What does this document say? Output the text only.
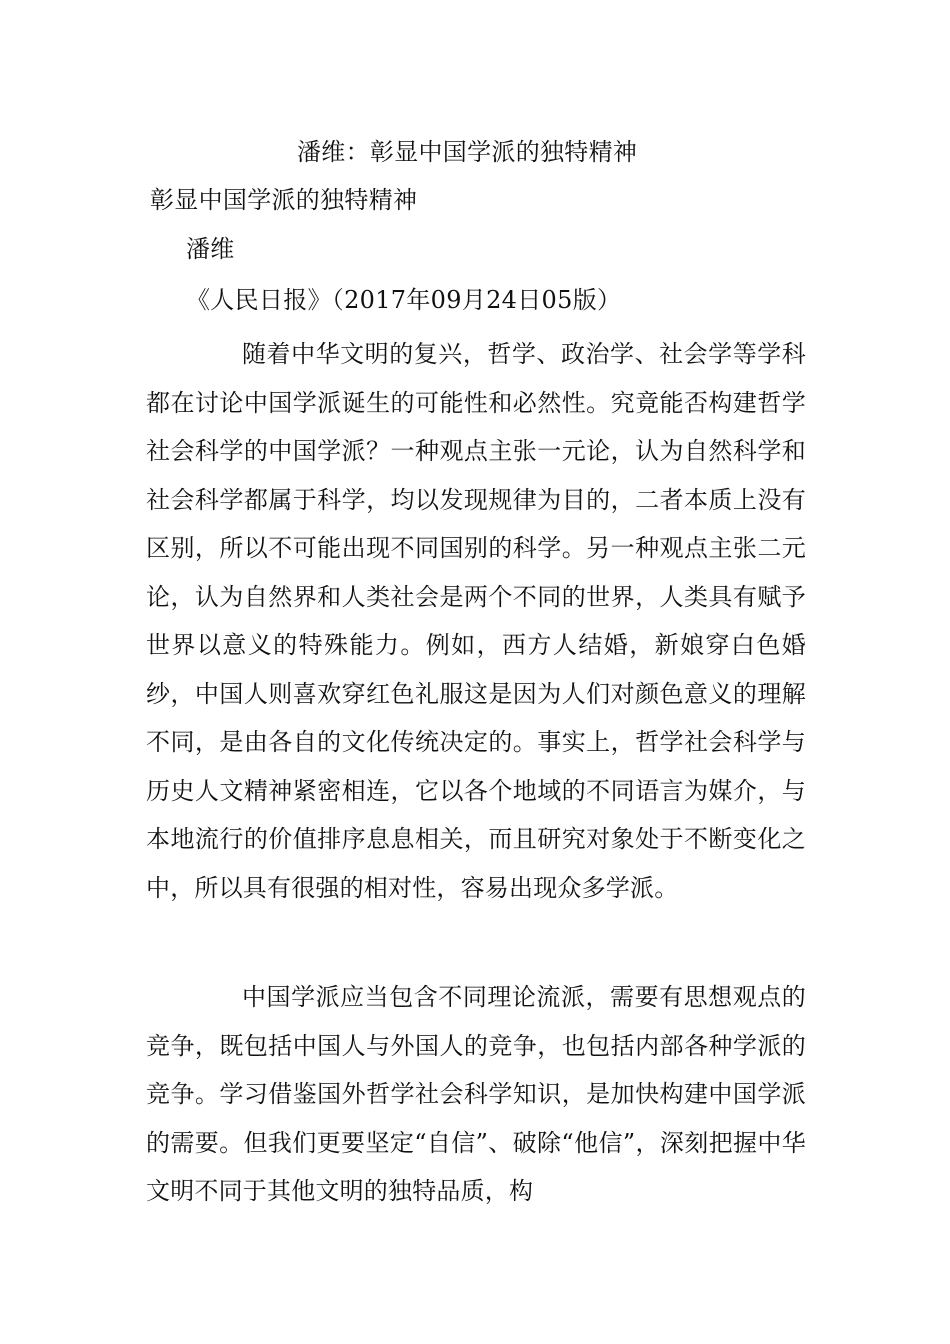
潘维：彰显中国学派的独特精神
彰显中国学派的独特精神
潘维
《人民日报》（2017年09月24日05版）

随着中华文明的复兴，哲学、政治学、社会学等学科都在讨论中国学派诞生的可能性和必然性。究竟能否构建哲学社会科学的中国学派？一种观点主张一元论，认为自然科学和社会科学都属于科学，均以发现规律为目的，二者本质上没有区别，所以不可能出现不同国别的科学。另一种观点主张二元论，认为自然界和人类社会是两个不同的世界，人类具有赋予世界以意义的特殊能力。例如，西方人结婚，新娘穿白色婚纱，中国人则喜欢穿红色礼服这是因为人们对颜色意义的理解不同，是由各自的文化传统决定的。事实上，哲学社会科学与历史人文精神紧密相连，它以各个地域的不同语言为媒介，与本地流行的价值排序息息相关，而且研究对象处于不断变化之中，所以具有很强的相对性，容易出现众多学派。

中国学派应当包含不同理论流派，需要有思想观点的竞争，既包括中国人与外国人的竞争，也包括内部各种学派的竞争。学习借鉴国外哲学社会科学知识，是加快构建中国学派的需要。但我们更要坚定“自信”、破除“他信”，深刻把握中华文明不同于其他文明的独特品质，构
